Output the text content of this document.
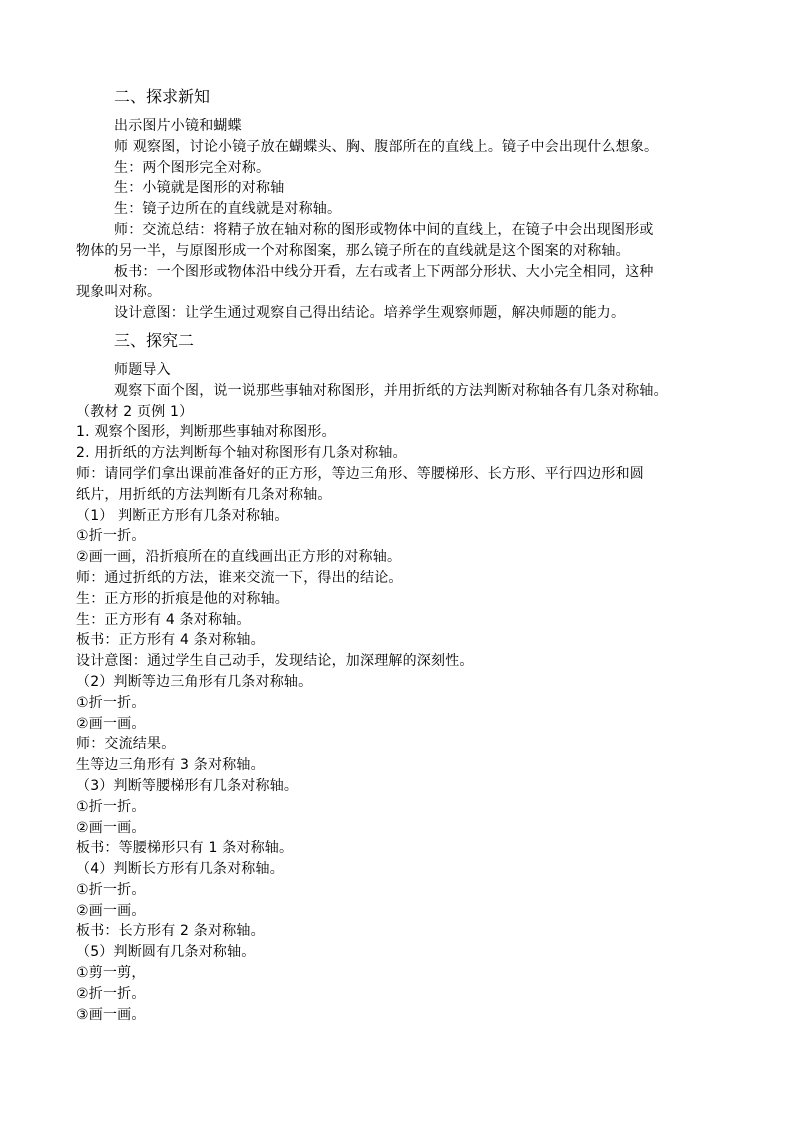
二、探求新知
出示图片小镜和蝴蝶
师 观察图，讨论小镜子放在蝴蝶头、胸、腹部所在的直线上。镜子中会出现什么想象。
生：两个图形完全对称。
生：小镜就是图形的对称轴
生：镜子边所在的直线就是对称轴。
师：交流总结：将精子放在轴对称的图形或物体中间的直线上，在镜子中会出现图形或
物体的另一半，与原图形成一个对称图案，那么镜子所在的直线就是这个图案的对称轴。
板书：一个图形或物体沿中线分开看，左右或者上下两部分形状、大小完全相同，这种
现象叫对称。
设计意图：让学生通过观察自己得出结论。培养学生观察师题，解决师题的能力。
三、探究二
师题导入
观察下面个图，说一说那些事轴对称图形，并用折纸的方法判断对称轴各有几条对称轴。
（教材 2 页例 1）
1. 观察个图形，判断那些事轴对称图形。
2. 用折纸的方法判断每个轴对称图形有几条对称轴。
师：请同学们拿出课前准备好的正方形，等边三角形、等腰梯形、长方形、平行四边形和圆
纸片，用折纸的方法判断有几条对称轴。
（1） 判断正方形有几条对称轴。
①折一折。
②画一画，沿折痕所在的直线画出正方形的对称轴。
师：通过折纸的方法，谁来交流一下，得出的结论。
生：正方形的折痕是他的对称轴。
生：正方形有 4 条对称轴。
板书：正方形有 4 条对称轴。
设计意图：通过学生自己动手，发现结论，加深理解的深刻性。
（2）判断等边三角形有几条对称轴。
①折一折。
②画一画。
师：交流结果。
生等边三角形有 3 条对称轴。
（3）判断等腰梯形有几条对称轴。
①折一折。
②画一画。
板书：等腰梯形只有 1 条对称轴。
（4）判断长方形有几条对称轴。
①折一折。
②画一画。
板书：长方形有 2 条对称轴。
（5）判断圆有几条对称轴。
①剪一剪，
②折一折。
③画一画。
